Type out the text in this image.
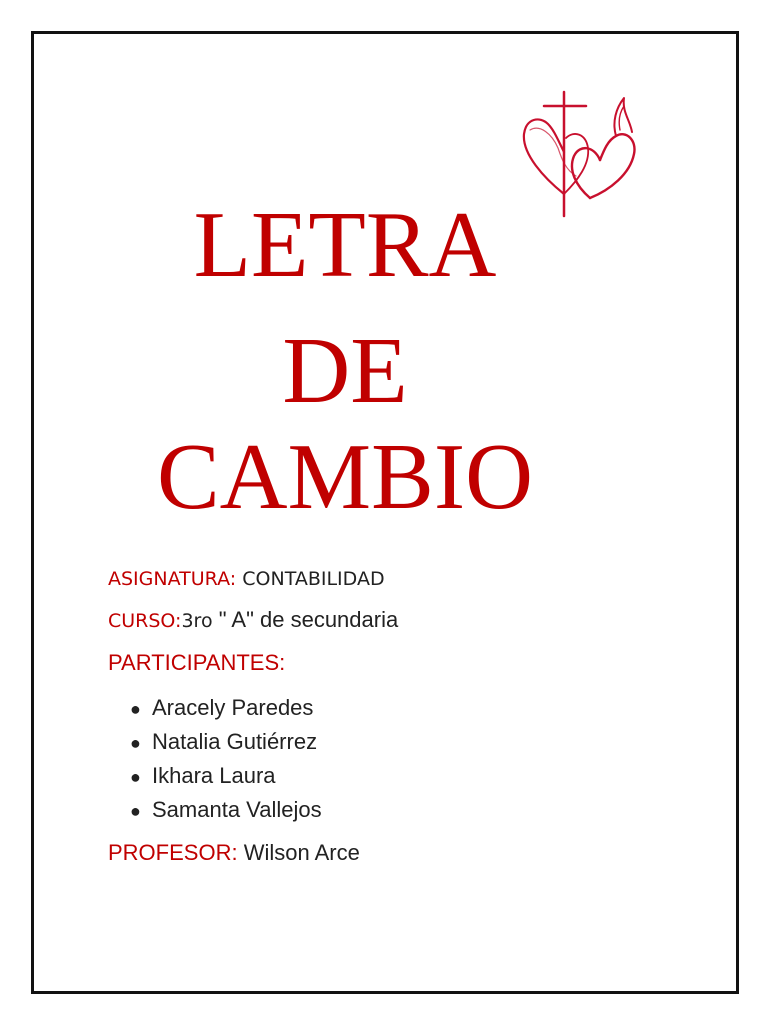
LETRA
DE
CAMBIO
ASIGNATURA: CONTABILIDAD
CURSO:3ro " A" de secundaria
PARTICIPANTES:
● Aracely Paredes
● Natalia Gutiérrez
● Ikhara Laura
● Samanta Vallejos
PROFESOR: Wilson Arce
